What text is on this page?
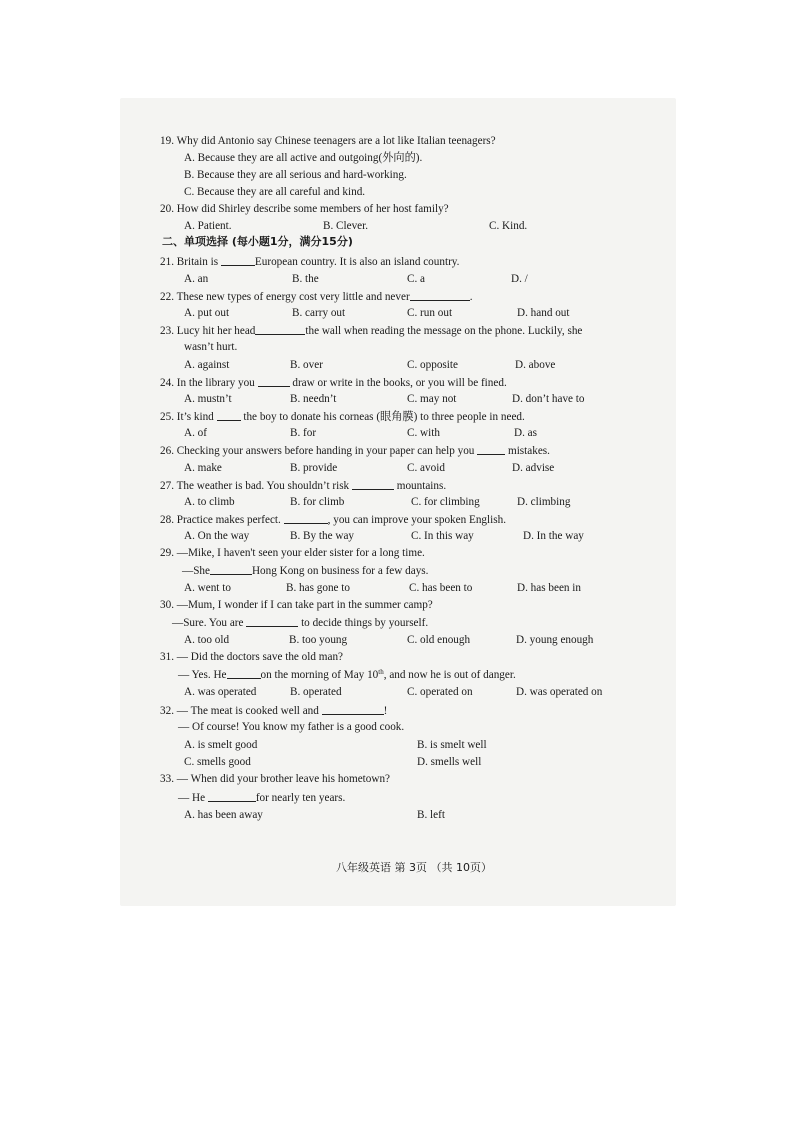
19. Why did Antonio say Chinese teenagers are a lot like Italian teenagers?
A. Because they are all active and outgoing(外向的).
B. Because they are all serious and hard-working.
C. Because they are all careful and kind.
20. How did Shirley describe some members of her host family?
A. Patient.	B. Clever.	C. Kind.
二、单项选择 (每小题1分，满分15分)
21. Britain is	European country. It is also an island country.
A. an	B. the	C. a	D. /
22. These new types of energy cost very little and never	.
A. put out	B. carry out	C. run out	D. hand out
23. Lucy hit her head	the wall when reading the message on the phone. Luckily, she
wasn’t hurt.
A. against	B. over	C. opposite	D. above
24. In the library you	draw or write in the books, or you will be fined.
A. mustn’t	B. needn’t	C. may not	D. don’t have to
25. It’s kind  the boy to donate his corneas (眼角膜) to three people in need.
A. of	B. for	C. with	D. as
26. Checking your answers before handing in your paper can help you	mistakes.
A. make	B. provide	C. avoid	D. advise
27. The weather is bad. You shouldn’t risk	mountains.
A. to climb	B. for climb	C. for climbing	D. climbing
28. Practice makes perfect.	, you can improve your spoken English.
A. On the way	B. By the way	C. In this way	D. In the way
29. —Mike, I haven't seen your elder sister for a long time.
—She	Hong Kong on business for a few days.
A. went to	B. has gone to	C. has been to	D. has been in
30. —Mum, I wonder if I can take part in the summer camp?
—Sure. You are	to decide things by yourself.
A. too old	B. too young	C. old enough	D. young enough
31. — Did the doctors save the old man?
— Yes. He	on the morning of May 10th, and now he is out of danger.
A. was operated	B. operated	C. operated on	D. was operated on
32. — The meat is cooked well and	!
— Of course! You know my father is a good cook.
A. is smelt good	B. is smelt well
C. smells good	D. smells well
33. — When did your brother leave his hometown?
— He	for nearly ten years.
A. has been away	B. left
八年级英语 第 3页 （共 10页）
